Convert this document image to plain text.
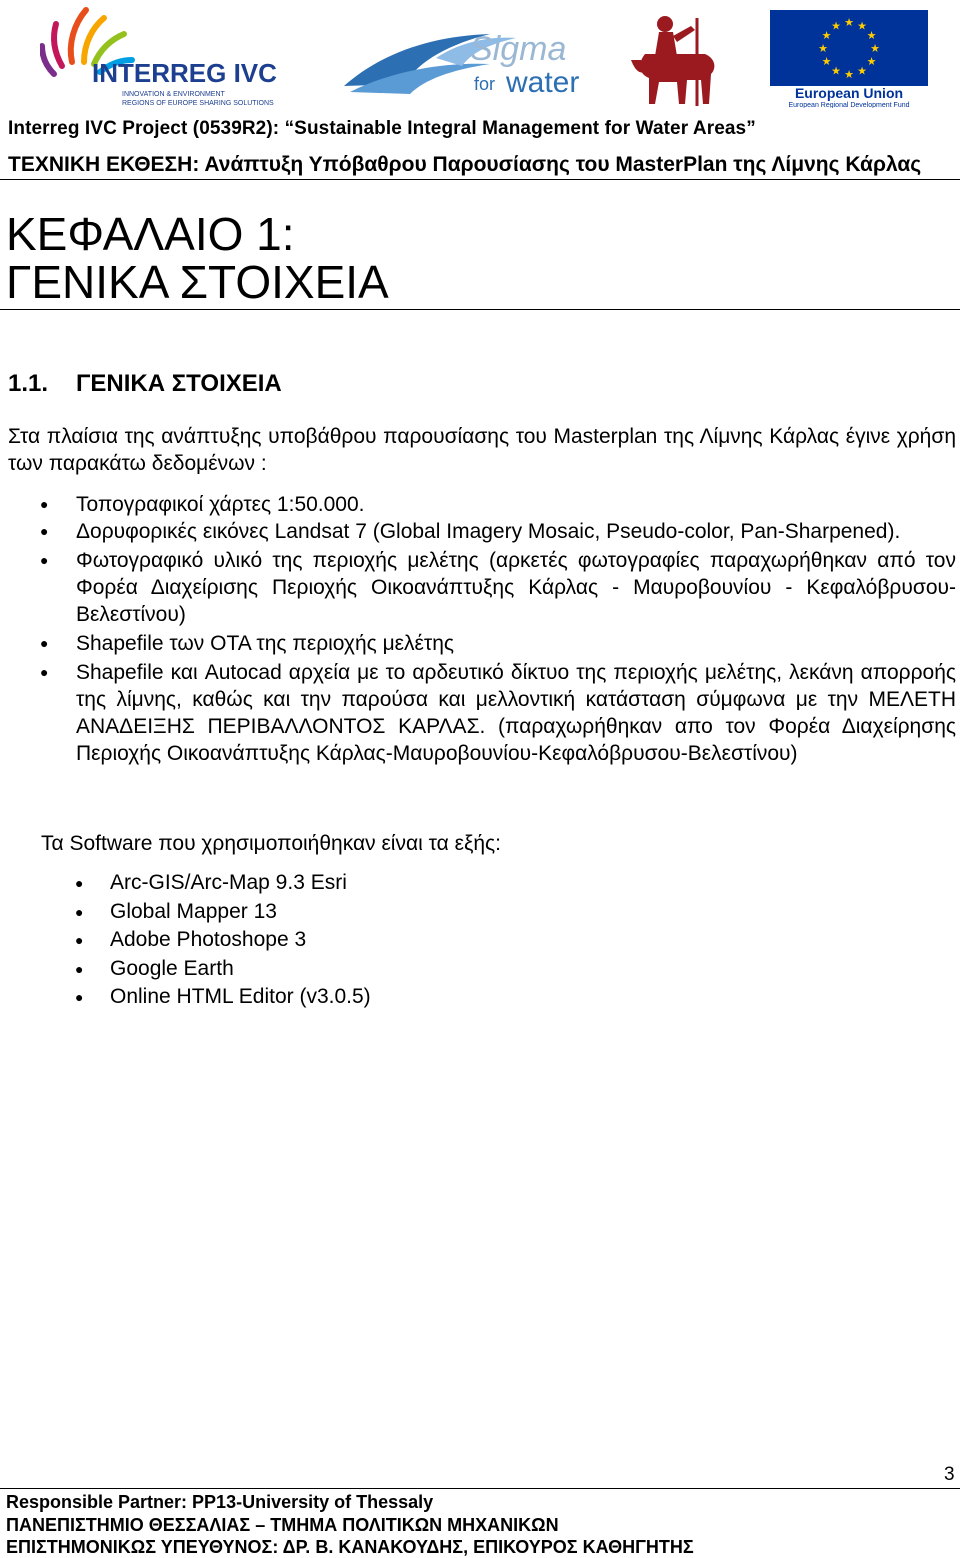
INTERREG IVC
INNOVATION & ENVIRONMENT
REGIONS OF EUROPE SHARING SOLUTIONS
Sigma
for water
★ ★
★
★
★
★
★
★
★
★
★
★
European Union
European Regional Development Fund
Interreg IVC Project (0539R2): “Sustainable Integral Management for Water Areas”
ΤΕΧΝΙΚΗ ΕΚΘΕΣΗ: Ανάπτυξη Υπόβαθρου Παρουσίασης του MasterPlan της Λίμνης Κάρλας
ΚΕΦΑΛΑΙΟ 1:
ΓΕΝΙΚΑ ΣΤΟΙΧΕΙΑ
1.1. ΓΕΝΙΚΑ ΣΤΟΙΧΕΙΑ

Στα πλαίσια της ανάπτυξης υποβάθρου παρουσίασης του Masterplan της Λίμνης Κάρλας έγινε χρήση των παρακάτω δεδομένων :

● Τοπογραφικοί χάρτες 1:50.000.
● Δορυφορικές εικόνες Landsat 7 (Global Imagery Mosaic, Pseudo-color, Pan-Sharpened).
● Φωτογραφικό υλικό της περιοχής μελέτης (αρκετές φωτογραφίες παραχωρήθηκαν από τον Φορέα Διαχείρισης Περιοχής Οικοανάπτυξης Κάρλας - Μαυροβουνίου - Κεφαλόβρυσου-Βελεστίνου)
● Shapefile των ΟΤΑ της περιοχής μελέτης
● Shapefile και Autocad αρχεία με το αρδευτικό δίκτυο της περιοχής μελέτης, λεκάνη απορροής της λίμνης, καθώς και την παρούσα και μελλοντική κατάσταση σύμφωνα με την ΜΕΛΕΤΗ ΑΝΑΔΕΙΞΗΣ ΠΕΡΙΒΑΛΛΟΝΤΟΣ ΚΑΡΛΑΣ. (παραχωρήθηκαν απο τον Φορέα Διαχείρησης Περιοχής Οικοανάπτυξης Κάρλας-Μαυροβουνίου-Κεφαλόβρυσου-Βελεστίνου)
Τα Software που χρησιμοποιήθηκαν είναι τα εξής:
● Arc-GIS/Arc-Map 9.3 Esri
● Global Mapper 13
● Adobe Photoshope 3
● Google Earth
● Online HTML Editor (v3.0.5)
3
Responsible Partner: PP13-University of Thessaly
ΠΑΝΕΠΙΣΤΗΜΙΟ ΘΕΣΣΑΛΙΑΣ – ΤΜΗΜΑ ΠΟΛΙΤΙΚΩΝ ΜΗΧΑΝΙΚΩΝ
ΕΠΙΣΤΗΜΟΝΙΚΩΣ ΥΠΕΥΘΥΝΟΣ: ΔΡ. Β. ΚΑΝΑΚΟΥΔΗΣ, ΕΠΙΚΟΥΡΟΣ ΚΑΘΗΓΗΤΗΣ
